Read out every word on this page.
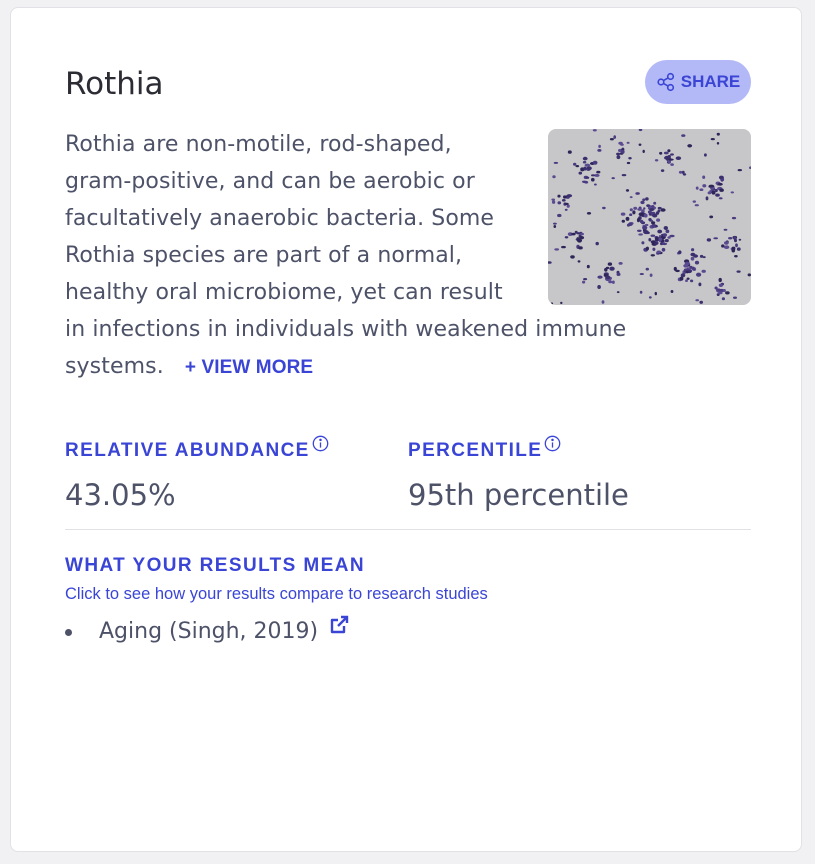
Rothia	SHARE
Rothia are non-motile, rod-shaped, gram-positive, and can be aerobic or facultatively anaerobic bacteria. Some Rothia species are part of a normal, healthy oral microbiome, yet can result in infections in individuals with weakened immune systems. + VIEW MORE
RELATIVE ABUNDANCE
43.05%
PERCENTILE
95th percentile
WHAT YOUR RESULTS MEAN
Click to see how your results compare to research studies
Aging (Singh, 2019)
